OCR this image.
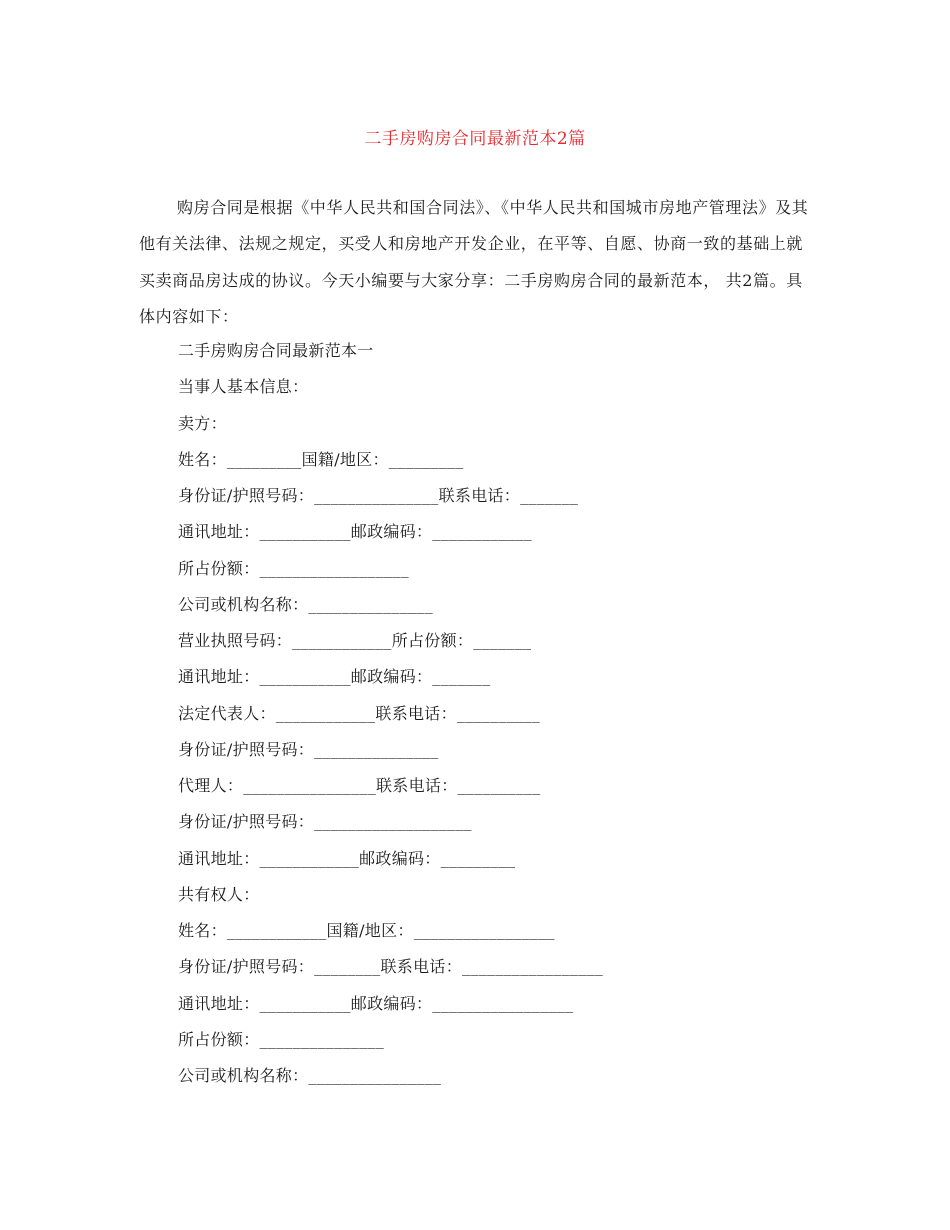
二手房购房合同最新范本2篇

购房合同是根据《中华人民共和国合同法》、《中华人民共和国城市房地产管理法》及其他有关法律、法规之规定，买受人和房地产开发企业，在平等、自愿、协商一致的基础上就买卖商品房达成的协议。今天小编要与大家分享：二手房购房合同的最新范本， 共2篇。具体内容如下：

二手房购房合同最新范本一
当事人基本信息：
卖方：
姓名：_________国籍/地区：_________
身份证/护照号码：_______________联系电话：_______
通讯地址：___________邮政编码：____________
所占份额：__________________
公司或机构名称：_______________
营业执照号码：____________所占份额：_______
通讯地址：___________邮政编码：_______
法定代表人：____________联系电话：__________
身份证/护照号码：_______________
代理人：________________联系电话：__________
身份证/护照号码：___________________
通讯地址：____________邮政编码：_________
共有权人：
姓名：____________国籍/地区：_________________
身份证/护照号码：________联系电话：_________________
通讯地址：___________邮政编码：_________________
所占份额：_______________
公司或机构名称：________________
